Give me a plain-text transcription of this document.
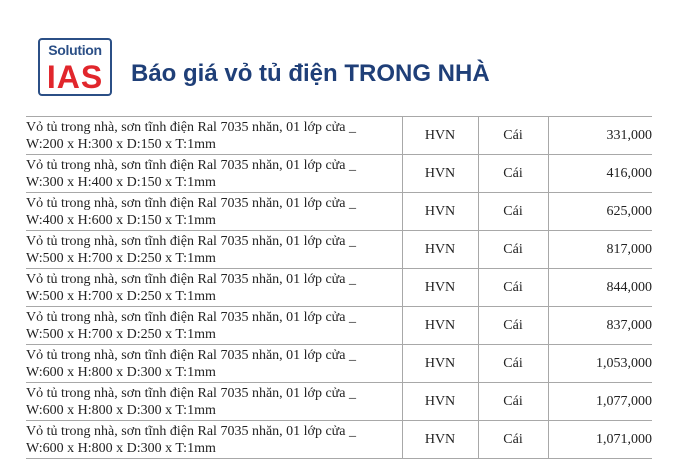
Solution
IAS Báo giá vỏ tủ điện TRONG NHÀ
Vỏ tủ trong nhà, sơn tĩnh điện Ral 7035 nhăn, 01 lớp cửa _
W:200 x H:300 x D:150 x T:1mm	HVN	Cái	331,000

Vỏ tủ trong nhà, sơn tĩnh điện Ral 7035 nhăn, 01 lớp cửa _
W:300 x H:400 x D:150 x T:1mm	HVN	Cái	416,000

Vỏ tủ trong nhà, sơn tĩnh điện Ral 7035 nhăn, 01 lớp cửa _
W:400 x H:600 x D:150 x T:1mm	HVN	Cái	625,000

Vỏ tủ trong nhà, sơn tĩnh điện Ral 7035 nhăn, 01 lớp cửa _
W:500 x H:700 x D:250 x T:1mm	HVN	Cái	817,000

Vỏ tủ trong nhà, sơn tĩnh điện Ral 7035 nhăn, 01 lớp cửa _
W:500 x H:700 x D:250 x T:1mm	HVN	Cái	844,000

Vỏ tủ trong nhà, sơn tĩnh điện Ral 7035 nhăn, 01 lớp cửa _
W:500 x H:700 x D:250 x T:1mm	HVN	Cái	837,000

Vỏ tủ trong nhà, sơn tĩnh điện Ral 7035 nhăn, 01 lớp cửa _
W:600 x H:800 x D:300 x T:1mm	HVN	Cái	1,053,000

Vỏ tủ trong nhà, sơn tĩnh điện Ral 7035 nhăn, 01 lớp cửa _
W:600 x H:800 x D:300 x T:1mm	HVN	Cái	1,077,000

Vỏ tủ trong nhà, sơn tĩnh điện Ral 7035 nhăn, 01 lớp cửa _
W:600 x H:800 x D:300 x T:1mm	HVN	Cái	1,071,000
